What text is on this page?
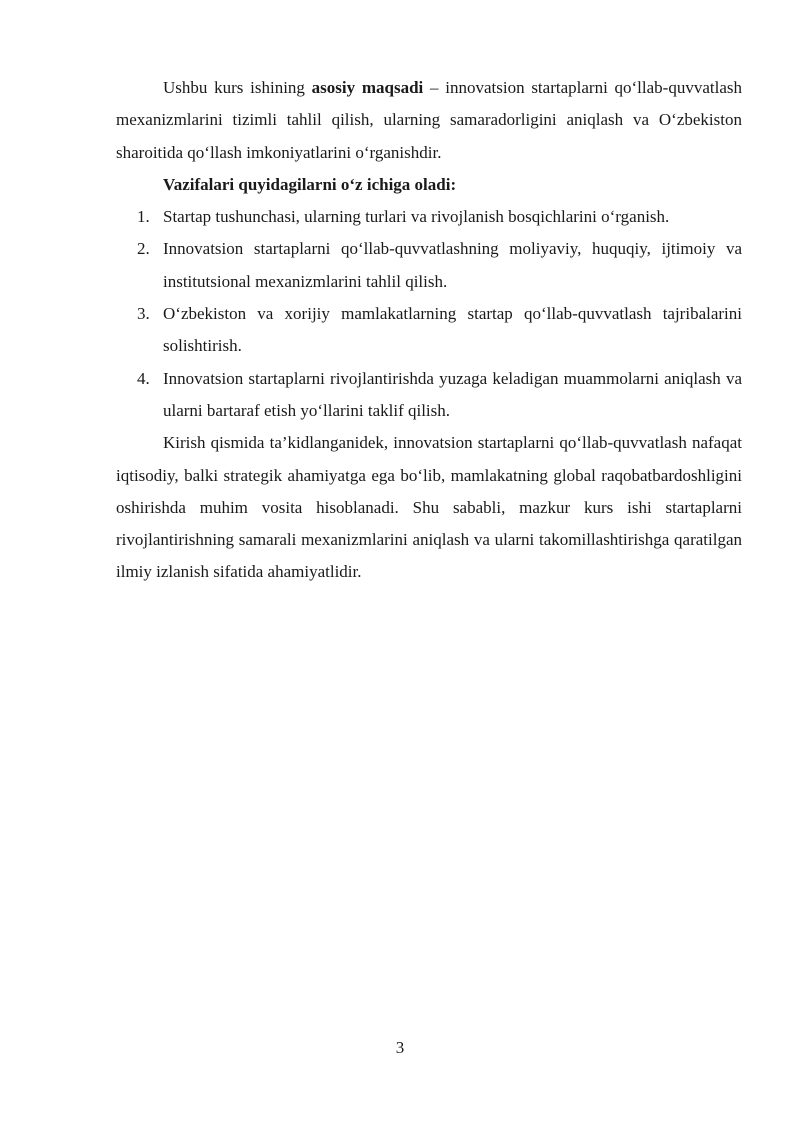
Ushbu kurs ishining asosiy maqsadi – innovatsion startaplarni qo‘llab-quvvatlash mexanizmlarini tizimli tahlil qilish, ularning samaradorligini aniqlash va O‘zbekiston sharoitida qo‘llash imkoniyatlarini o‘rganishdir.

Vazifalari quyidagilarni o‘z ichiga oladi:

1. Startap tushunchasi, ularning turlari va rivojlanish bosqichlarini o‘rganish.
2. Innovatsion startaplarni qo‘llab-quvvatlashning moliyaviy, huquqiy, ijtimoiy va institutsional mexanizmlarini tahlil qilish.
3. O‘zbekiston va xorijiy mamlakatlarning startap qo‘llab-quvvatlash tajribalarini solishtirish.
4. Innovatsion startaplarni rivojlantirishda yuzaga keladigan muammolarni aniqlash va ularni bartaraf etish yo‘llarini taklif qilish.

Kirish qismida ta’kidlanganidek, innovatsion startaplarni qo‘llab-quvvatlash nafaqat iqtisodiy, balki strategik ahamiyatga ega bo‘lib, mamlakatning global raqobatbardoshligini oshirishda muhim vosita hisoblanadi. Shu sababli, mazkur kurs ishi startaplarni rivojlantirishning samarali mexanizmlarini aniqlash va ularni takomillashtirishga qaratilgan ilmiy izlanish sifatida ahamiyatlidir.

3
